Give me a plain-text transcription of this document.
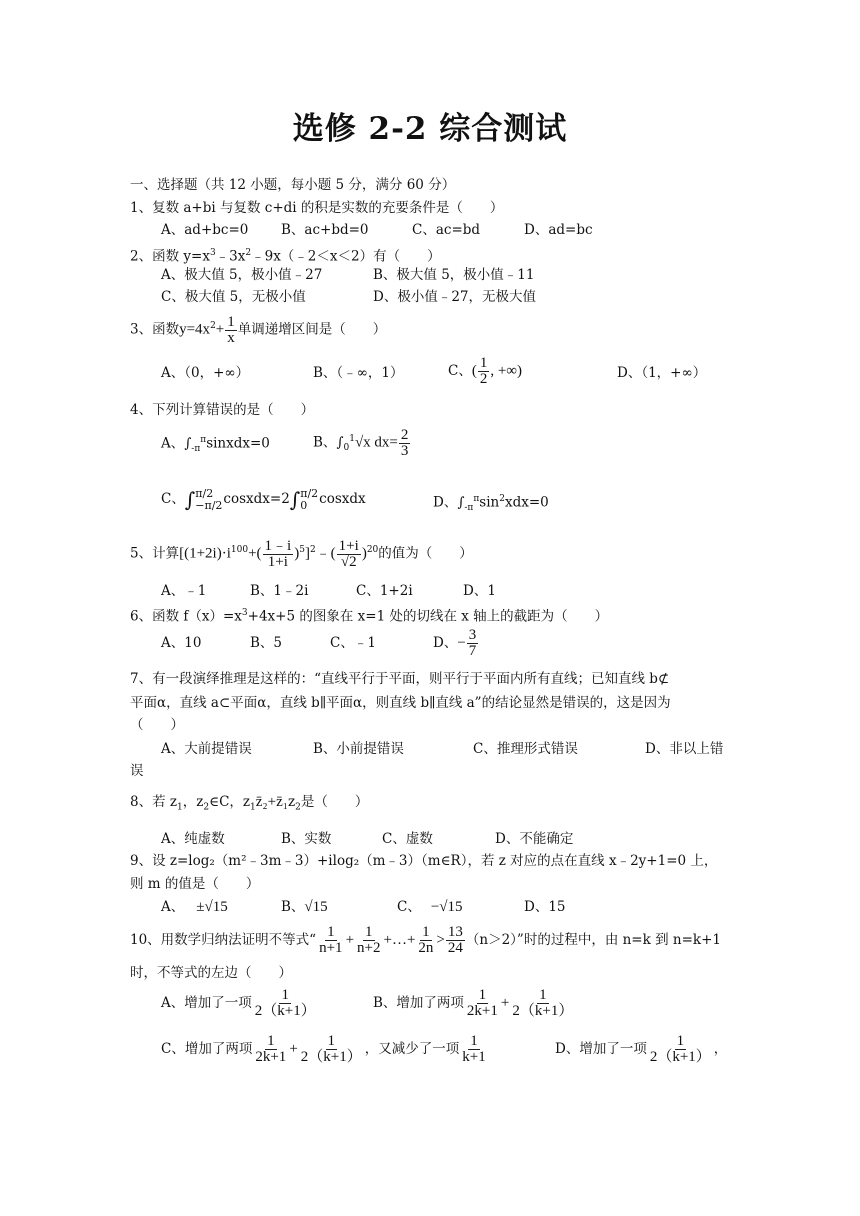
选修 2-2 综合测试
一、选择题（共 12 小题，每小题 5 分，满分 60 分）
1、复数 a+bi 与复数 c+di 的积是实数的充要条件是（　　）
A、ad+bc=0 B、ac+bd=0	C、ac=bd	D、ad=bc
2、函数 $y=x^3﹣3x^2﹣9x(﹣2<x<2)$有（　　）
A、极大值 5，极小值﹣27	B、极大值 5，极小值﹣11
C、极大值 5，无极小值	D、极小值﹣27，无极大值
3、函数$y=4x^2+ \frac{1}{x}$ 单调递增区间是（　　）
A、（0，+∞）	B、（﹣∞，1）	C、( $\frac{1}{2}$ , +∞)	D、（1，+∞）
4、下列计算错误的是（　　）
A、$\int_{-\pi}^\pi sinxdx=0$	B、$\int_0^1√x$ $dx= \frac{2}{3}$
C、∫ π/2
−π/2 cosxdx=2∫ π/2
0 cosxdx	D、$\int_{-\pi}^\pi\sin^2xdx=0$
5、计算[$(1+2i)\cdot i^{100}+( \frac{1﹣i}{1+i}$ )$^5]^2﹣( \frac{1+i}{√2} )^{20}$的值为（　　）
A、﹣1	B、1﹣2i	C、1+2i	D、1
6、函数 $f(x)=x^3+4x+5$ 的图象在 x=1 处的切线在 x 轴上的截距为（　　）
A、10	B、5	C、﹣1	D、− $\frac{3}{7}$
7、有一段演绎推理是这样的：“直线平行于平面，则平行于平面内所有直线；已知直线 b⊄
平面α，直线 a⊂平面α，直线 b∥平面α，则直线 b∥直线 a”的结论显然是错误的，这是因为
（　　）
A、大前提错误	B、小前提错误	C、推理形式错误	D、非以上错
误
8、若 $z_1$，$z_2\in C$，$z_1z̄_2+z̄_1z_2$是（　　）
A、纯虚数	B、实数	C、虚数	D、不能确定
9、设 z=log₂（m²﹣3m﹣3）+ilog₂（m﹣3）（m∈R），若 z 对应的点在直线 x﹣2y+1=0 上，
则 m 的值是（　　）
A、 ±√15	B、√15	C、 −√15	D、15
10、用数学归纳法证明不等式“ $\frac{1}{n+1} + \frac{1}{n+2}$ +…+ $\frac{1}{2n} > \frac{13}{24} (n>2)$”时的过程中，由 n=k 到 n=k+1
时，不等式的左边（　　）
A、增加了一项 $\frac{1}{2(k+1)}$	B、增加了两项 $\frac{1}{2k+1} + \frac{1}{2(k+1)}$
C、增加了两项 $\frac{1}{2k+1} + \frac{1}{2(k+1)}$ ，又减少了一项 $\frac{1}{k+1}$	D、增加了一项 $\frac{1}{2(k+1)}$ ，
